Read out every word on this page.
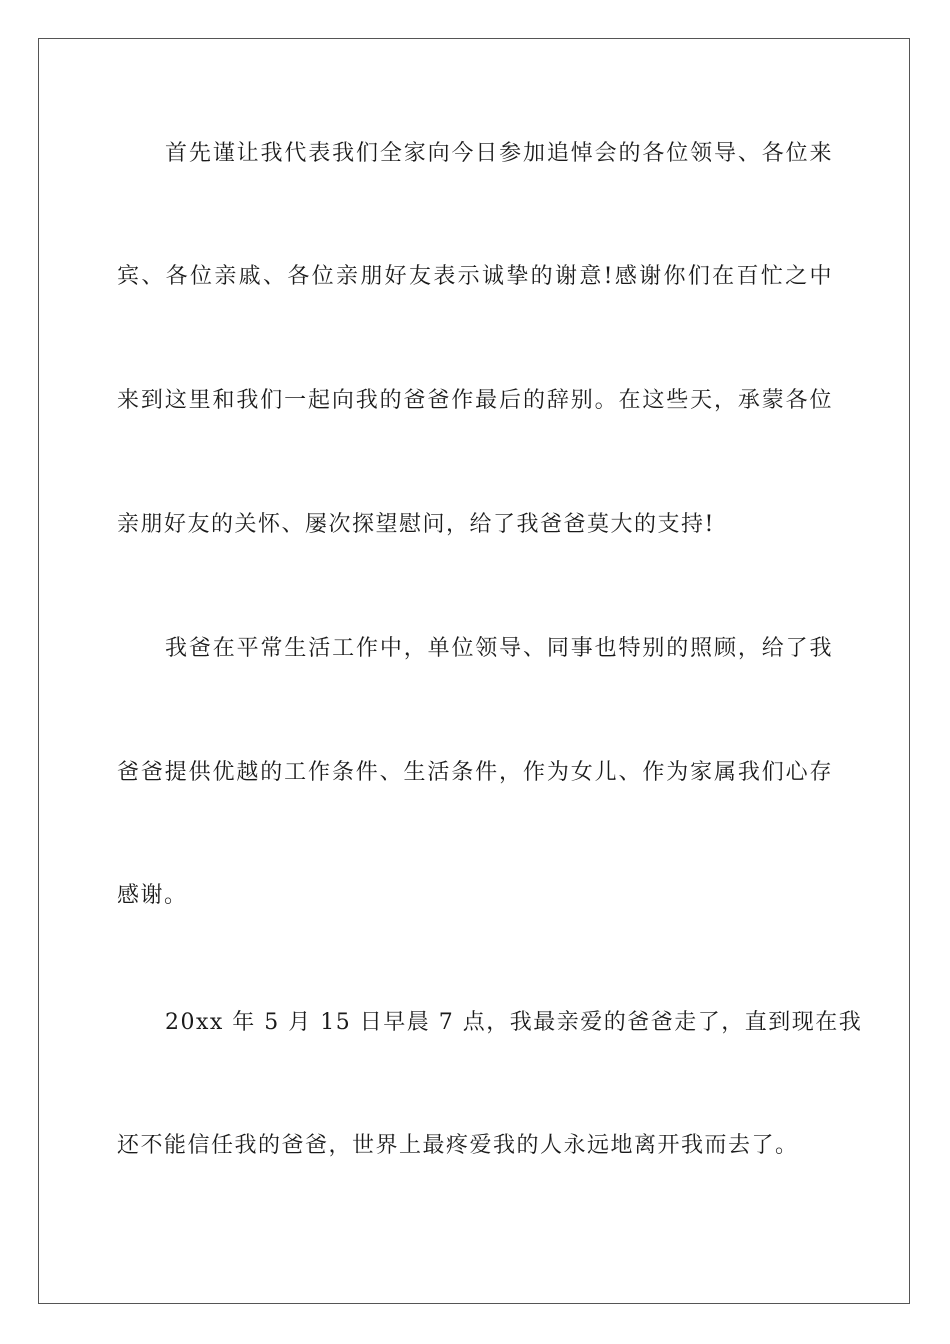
首先谨让我代表我们全家向今日参加追悼会的各位领导、各位来
宾、各位亲戚、各位亲朋好友表示诚挚的谢意!感谢你们在百忙之中
来到这里和我们一起向我的爸爸作最后的辞别。在这些天，承蒙各位
亲朋好友的关怀、屡次探望慰问，给了我爸爸莫大的支持!
我爸在平常生活工作中，单位领导、同事也特别的照顾，给了我
爸爸提供优越的工作条件、生活条件，作为女儿、作为家属我们心存
感谢。
20xx 年 5 月 15 日早晨 7 点，我最亲爱的爸爸走了，直到现在我
还不能信任我的爸爸，世界上最疼爱我的人永远地离开我而去了。
